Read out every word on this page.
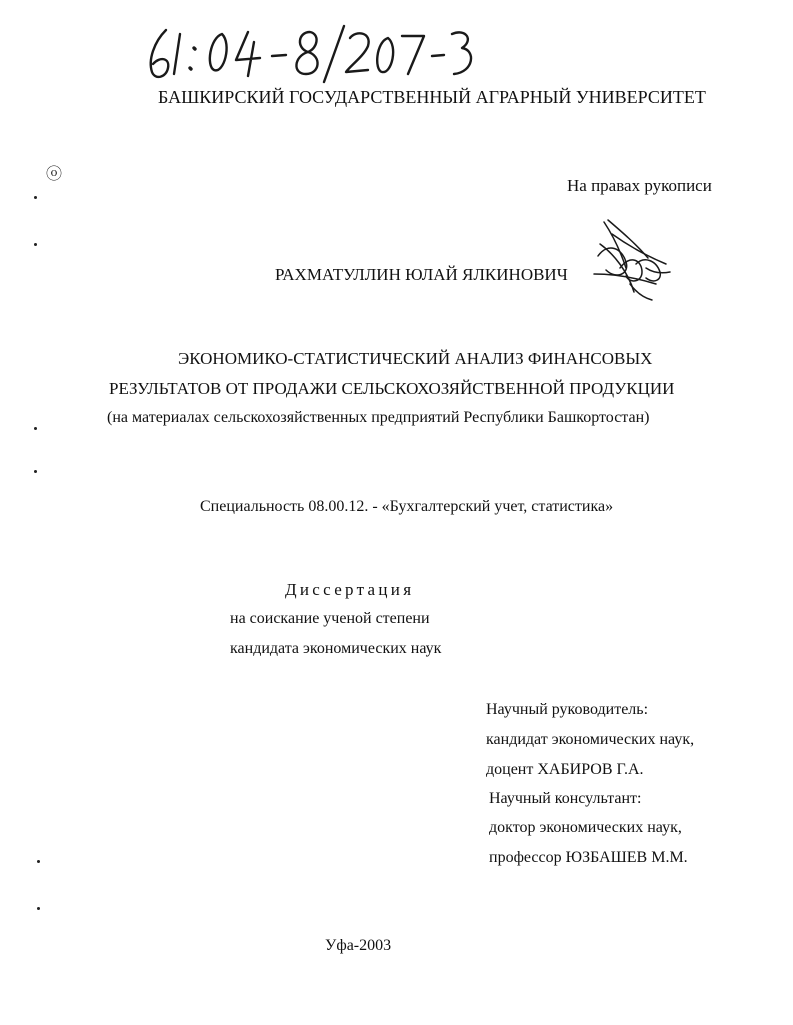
БАШКИРСКИЙ ГОСУДАРСТВЕННЫЙ АГРАРНЫЙ УНИВЕРСИТЕТ
ⓞ
На правах рукописи
РАХМАТУЛЛИН ЮЛАЙ ЯЛКИНОВИЧ
ЭКОНОМИКО-СТАТИСТИЧЕСКИЙ АНАЛИЗ ФИНАНСОВЫХ
РЕЗУЛЬТАТОВ ОТ ПРОДАЖИ СЕЛЬСКОХОЗЯЙСТВЕННОЙ ПРОДУКЦИИ
(на материалах сельскохозяйственных предприятий Республики Башкортостан)
Специальность 08.00.12. - «Бухгалтерский учет, статистика»
Диссертация
на соискание ученой степени
кандидата экономических наук
Научный руководитель:
кандидат экономических наук,
доцент ХАБИРОВ Г.А.
Научный консультант:
доктор экономических наук,
профессор ЮЗБАШЕВ М.М.
Уфа-2003
